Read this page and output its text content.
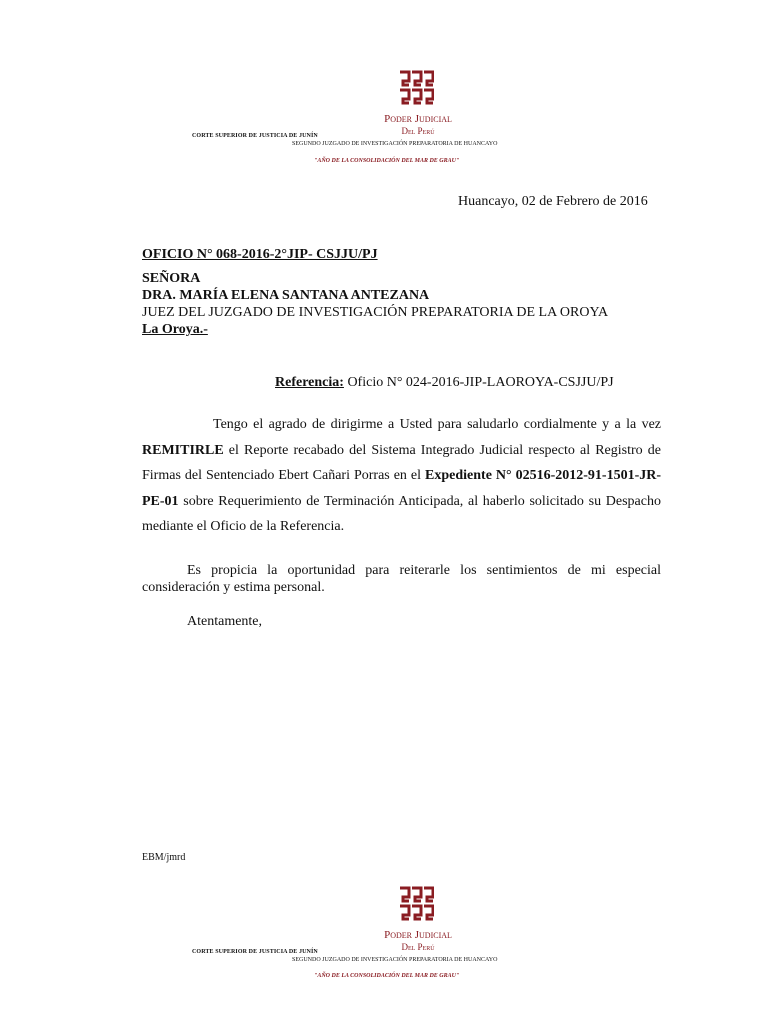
Poder Judicial
Del Perú
CORTE SUPERIOR DE JUSTICIA DE JUNÍN
SEGUNDO JUZGADO DE INVESTIGACIÓN PREPARATORIA DE HUANCAYO
"AÑO DE LA CONSOLIDACIÓN DEL MAR DE GRAU"
Huancayo, 02 de Febrero de 2016
OFICIO N° 068-2016-2°JIP- CSJJU/PJ
SEÑORA
DRA. MARÍA ELENA SANTANA ANTEZANA
JUEZ DEL JUZGADO DE INVESTIGACIÓN PREPARATORIA DE LA OROYA
La Oroya.-
Referencia: Oficio N° 024-2016-JIP-LAOROYA-CSJJU/PJ
Tengo el agrado de dirigirme a Usted para saludarlo cordialmente y a la vez REMITIRLE el Reporte recabado del Sistema Integrado Judicial respecto al Registro de Firmas del Sentenciado Ebert Cañari Porras en el Expediente N° 02516-2012-91-1501-JR-PE-01 sobre Requerimiento de Terminación Anticipada, al haberlo solicitado su Despacho mediante el Oficio de la Referencia.
Es propicia la oportunidad para reiterarle los sentimientos de mi especial consideración y estima personal.
Atentamente,
EBM/jmrd
Poder Judicial
Del Perú
CORTE SUPERIOR DE JUSTICIA DE JUNÍN
SEGUNDO JUZGADO DE INVESTIGACIÓN PREPARATORIA DE HUANCAYO
"AÑO DE LA CONSOLIDACIÓN DEL MAR DE GRAU"
